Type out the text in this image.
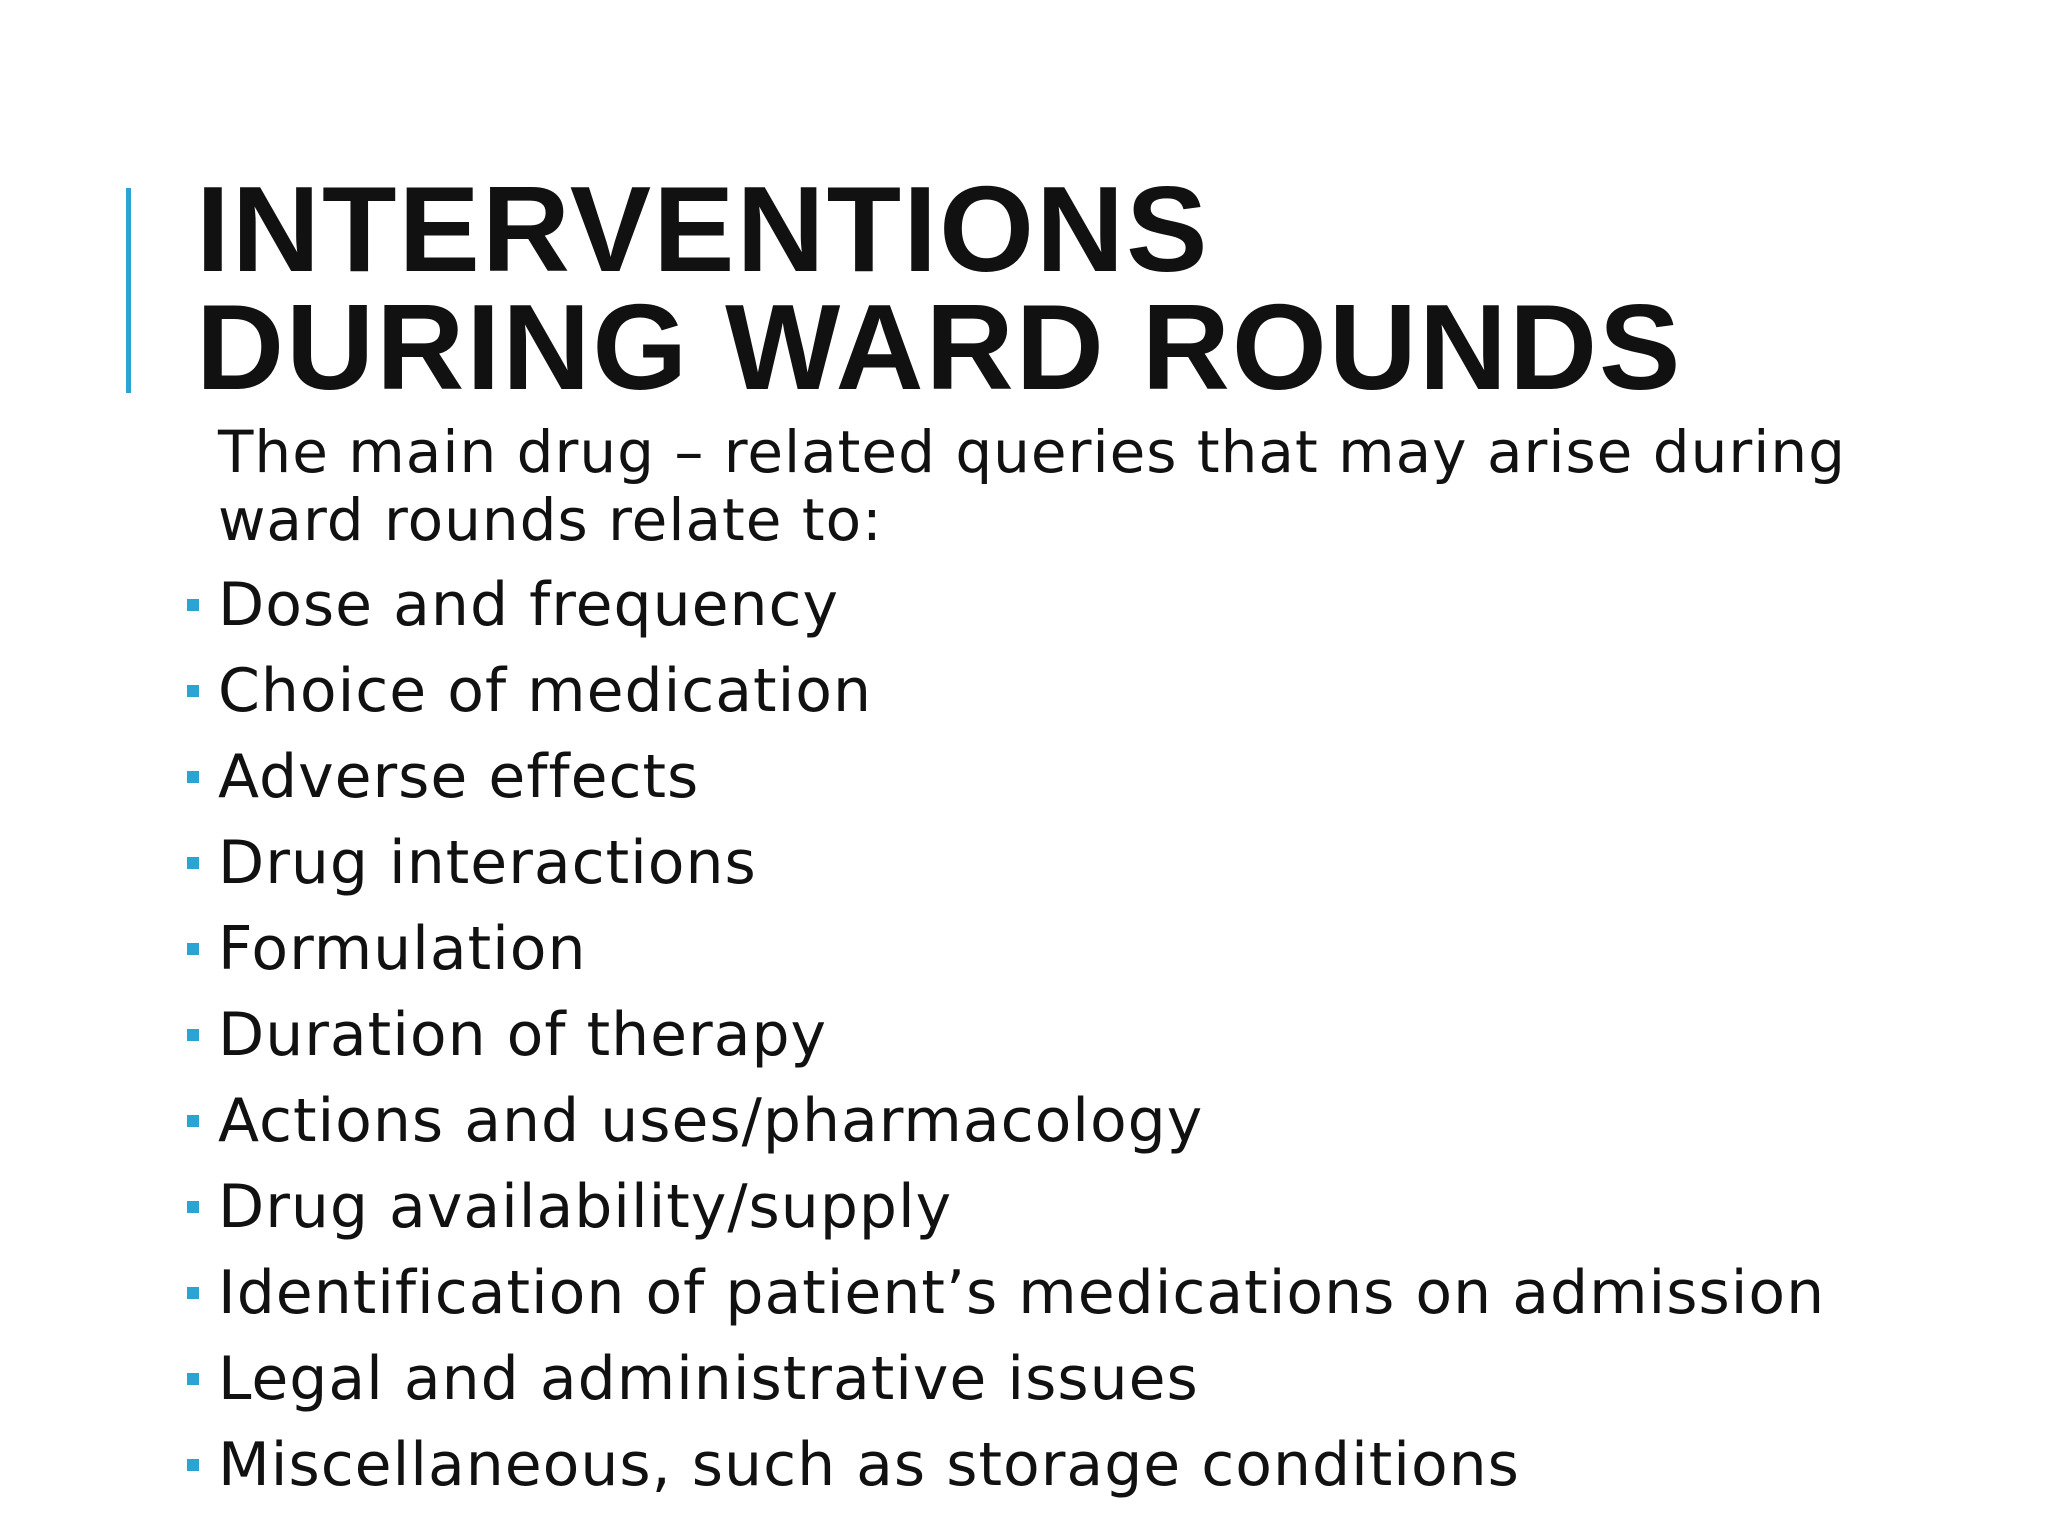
INTERVENTIONS
DURING WARD ROUNDS

The main drug – related queries that may arise during
ward rounds relate to:

Dose and frequency
Choice of medication
Adverse effects
Drug interactions
Formulation
Duration of therapy
Actions and uses/pharmacology
Drug availability/supply
Identification of patient’s medications on admission
Legal and administrative issues
Miscellaneous, such as storage conditions
